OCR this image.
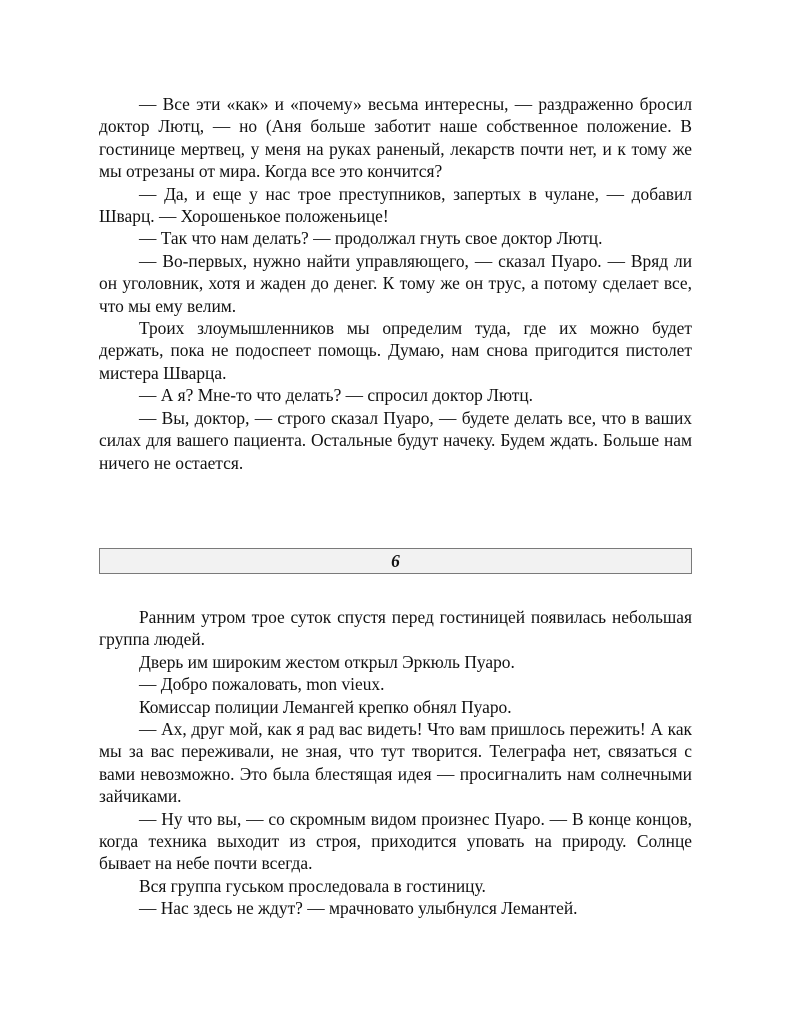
— Все эти «как» и «почему» весьма интересны, — раздраженно бросил доктор Лютц, — но (Аня больше заботит наше собственное положение. В гостинице мертвец, у меня на руках раненый, лекарств почти нет, и к тому же мы отрезаны от мира. Когда все это кончится?

— Да, и еще у нас трое преступников, запертых в чулане, — добавил Шварц. — Хорошенькое положеньице!

— Так что нам делать? — продолжал гнуть свое доктор Лютц.

— Во-первых, нужно найти управляющего, — сказал Пуаро. — Вряд ли он уголовник, хотя и жаден до денег. К тому же он трус, а потому сделает все, что мы ему велим.

Троих злоумышленников мы определим туда, где их можно будет держать, пока не подоспеет помощь. Думаю, нам снова пригодится пистолет мистера Шварца.

— А я? Мне-то что делать? — спросил доктор Лютц.

— Вы, доктор, — строго сказал Пуаро, — будете делать все, что в ваших силах для вашего пациента. Остальные будут начеку. Будем ждать. Больше нам ничего не остается.

6

Ранним утром трое суток спустя перед гостиницей появилась небольшая группа людей.

Дверь им широким жестом открыл Эркюль Пуаро.

— Добро пожаловать, mon vieux.

Комиссар полиции Лемангей крепко обнял Пуаро.

— Ах, друг мой, как я рад вас видеть! Что вам пришлось пережить! А как мы за вас переживали, не зная, что тут творится. Телеграфа нет, связаться с вами невозможно. Это была блестящая идея — просигналить нам солнечными зайчиками.

— Ну что вы, — со скромным видом произнес Пуаро. — В конце концов, когда техника выходит из строя, приходится уповать на природу. Солнце бывает на небе почти всегда.

Вся группа гуськом проследовала в гостиницу.

— Нас здесь не ждут? — мрачновато улыбнулся Лемантей.
